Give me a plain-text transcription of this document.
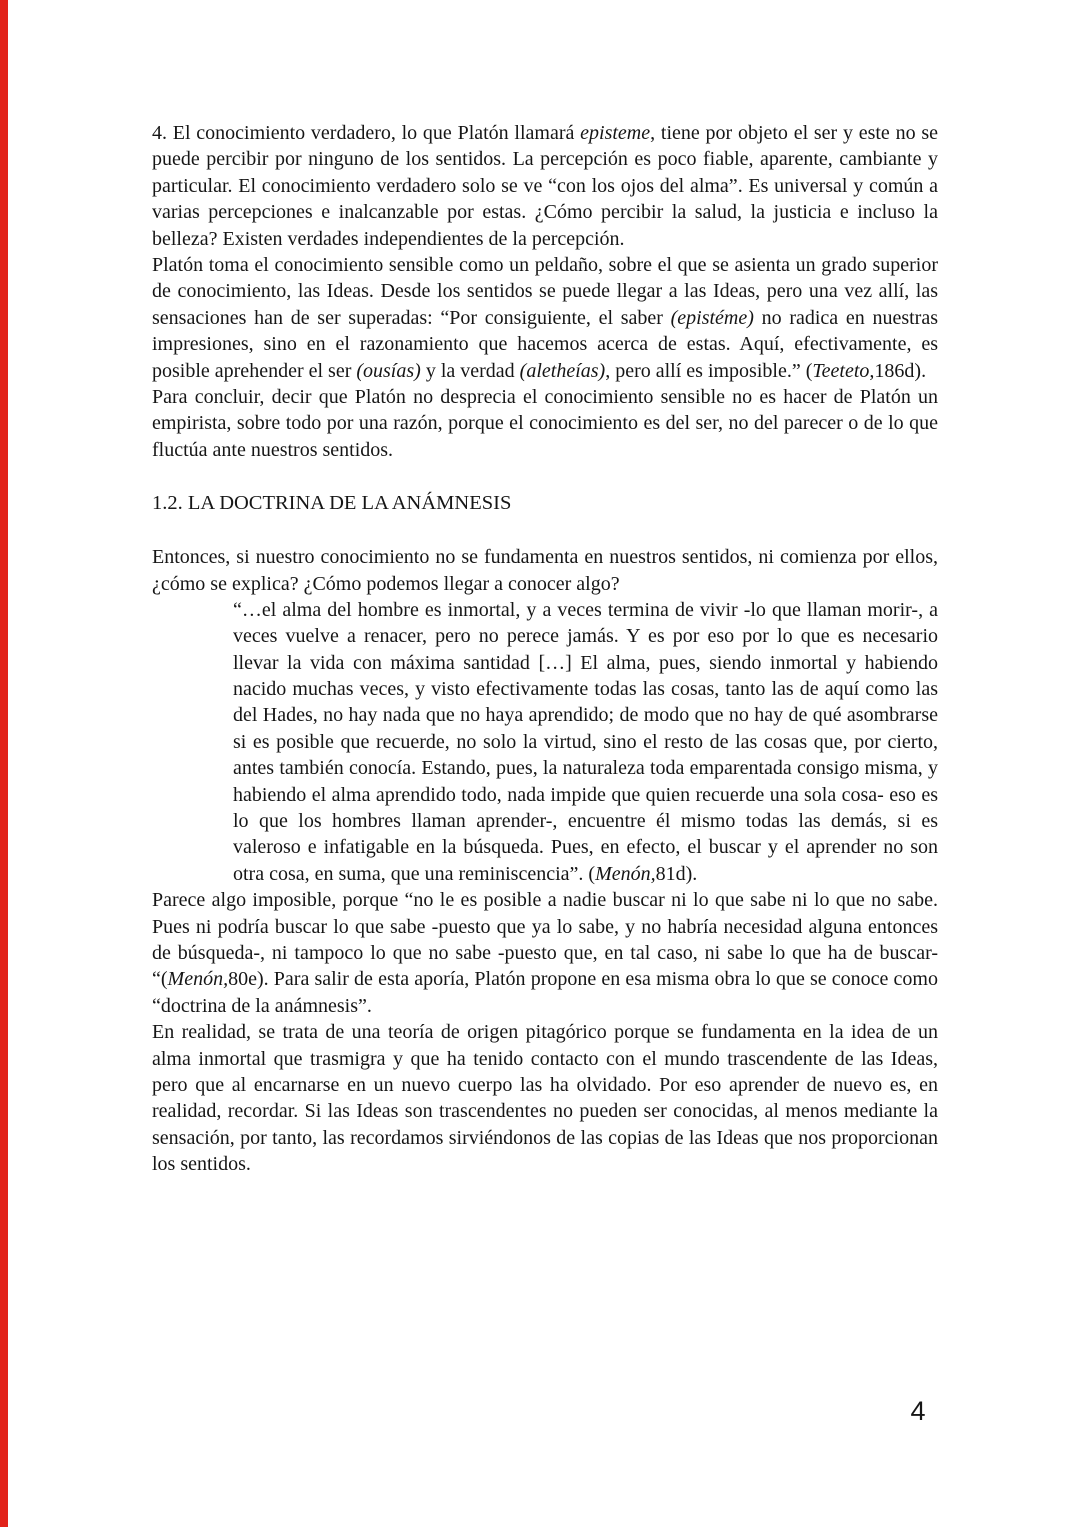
4. El conocimiento verdadero, lo que Platón llamará episteme, tiene por objeto el ser y este no se puede percibir por ninguno de los sentidos. La percepción es poco fiable, aparente, cambiante y particular. El conocimiento verdadero solo se ve “con los ojos del alma”. Es universal y común a varias percepciones e inalcanzable por estas. ¿Cómo percibir la salud, la justicia e incluso la belleza? Existen verdades independientes de la percepción.

Platón toma el conocimiento sensible como un peldaño, sobre el que se asienta un grado superior de conocimiento, las Ideas. Desde los sentidos se puede llegar a las Ideas, pero una vez allí, las sensaciones han de ser superadas: “Por consiguiente, el saber (epistéme) no radica en nuestras impresiones, sino en el razonamiento que hacemos acerca de estas. Aquí, efectivamente, es posible aprehender el ser (ousías) y la verdad (aletheías), pero allí es imposible.” (Teeteto,186d).

Para concluir, decir que Platón no desprecia el conocimiento sensible no es hacer de Platón un empirista, sobre todo por una razón, porque el conocimiento es del ser, no del parecer o de lo que fluctúa ante nuestros sentidos.

1.2. LA DOCTRINA DE LA ANÁMNESIS

Entonces, si nuestro conocimiento no se fundamenta en nuestros sentidos, ni comienza por ellos, ¿cómo se explica? ¿Cómo podemos llegar a conocer algo?

“…el alma del hombre es inmortal, y a veces termina de vivir -lo que llaman morir-, a veces vuelve a renacer, pero no perece jamás. Y es por eso por lo que es necesario llevar la vida con máxima santidad […] El alma, pues, siendo inmortal y habiendo nacido muchas veces, y visto efectivamente todas las cosas, tanto las de aquí como las del Hades, no hay nada que no haya aprendido; de modo que no hay de qué asombrarse si es posible que recuerde, no solo la virtud, sino el resto de las cosas que, por cierto, antes también conocía. Estando, pues, la naturaleza toda emparentada consigo misma, y habiendo el alma aprendido todo, nada impide que quien recuerde una sola cosa- eso es lo que los hombres llaman aprender-, encuentre él mismo todas las demás, si es valeroso e infatigable en la búsqueda. Pues, en efecto, el buscar y el aprender no son otra cosa, en suma, que una reminiscencia”. (Menón,81d).

Parece algo imposible, porque “no le es posible a nadie buscar ni lo que sabe ni lo que no sabe. Pues ni podría buscar lo que sabe -puesto que ya lo sabe, y no habría necesidad alguna entonces de búsqueda-, ni tampoco lo que no sabe -puesto que, en tal caso, ni sabe lo que ha de buscar- “(Menón,80e). Para salir de esta aporía, Platón propone en esa misma obra lo que se conoce como “doctrina de la anámnesis”.

En realidad, se trata de una teoría de origen pitagórico porque se fundamenta en la idea de un alma inmortal que trasmigra y que ha tenido contacto con el mundo trascendente de las Ideas, pero que al encarnarse en un nuevo cuerpo las ha olvidado. Por eso aprender de nuevo es, en realidad, recordar. Si las Ideas son trascendentes no pueden ser conocidas, al menos mediante la sensación, por tanto, las recordamos sirviéndonos de las copias de las Ideas que nos proporcionan los sentidos.

4
